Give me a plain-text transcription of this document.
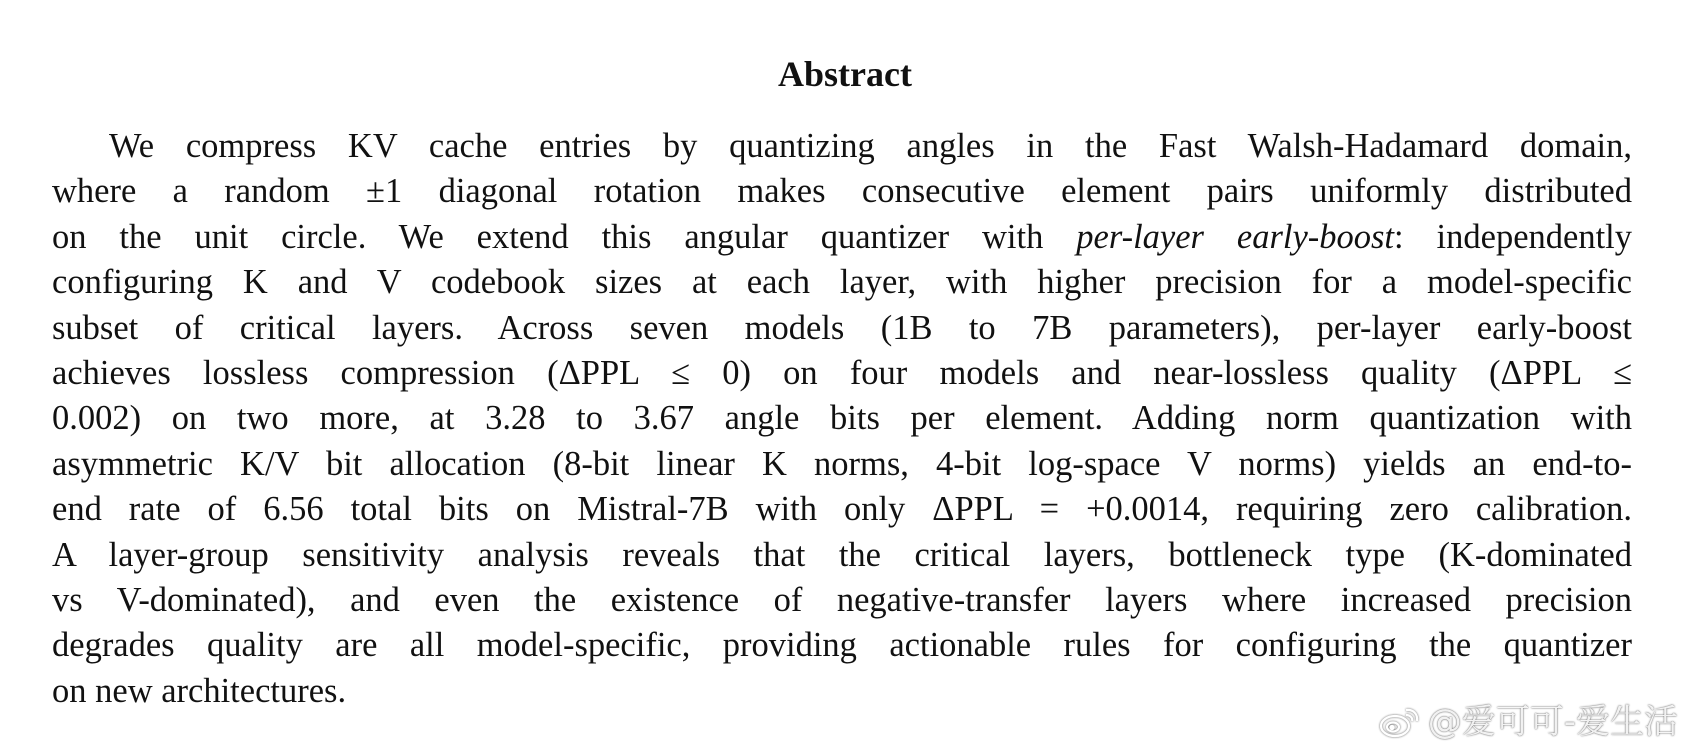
Abstract
We compress KV cache entries by quantizing angles in the Fast Walsh-Hadamard domain,
where a random ±1 diagonal rotation makes consecutive element pairs uniformly distributed
on the unit circle. We extend this angular quantizer with per-layer early-boost: independently
configuring K and V codebook sizes at each layer, with higher precision for a model-specific
subset of critical layers. Across seven models (1B to 7B parameters), per-layer early-boost
achieves lossless compression (ΔPPL ≤ 0) on four models and near-lossless quality (ΔPPL ≤
0.002) on two more, at 3.28 to 3.67 angle bits per element. Adding norm quantization with
asymmetric K/V bit allocation (8-bit linear K norms, 4-bit log-space V norms) yields an end-to-
end rate of 6.56 total bits on Mistral-7B with only ΔPPL = +0.0014, requiring zero calibration.
A layer-group sensitivity analysis reveals that the critical layers, bottleneck type (K-dominated
vs V-dominated), and even the existence of negative-transfer layers where increased precision
degrades quality are all model-specific, providing actionable rules for configuring the quantizer
on new architectures.
@爱可可-爱生活
